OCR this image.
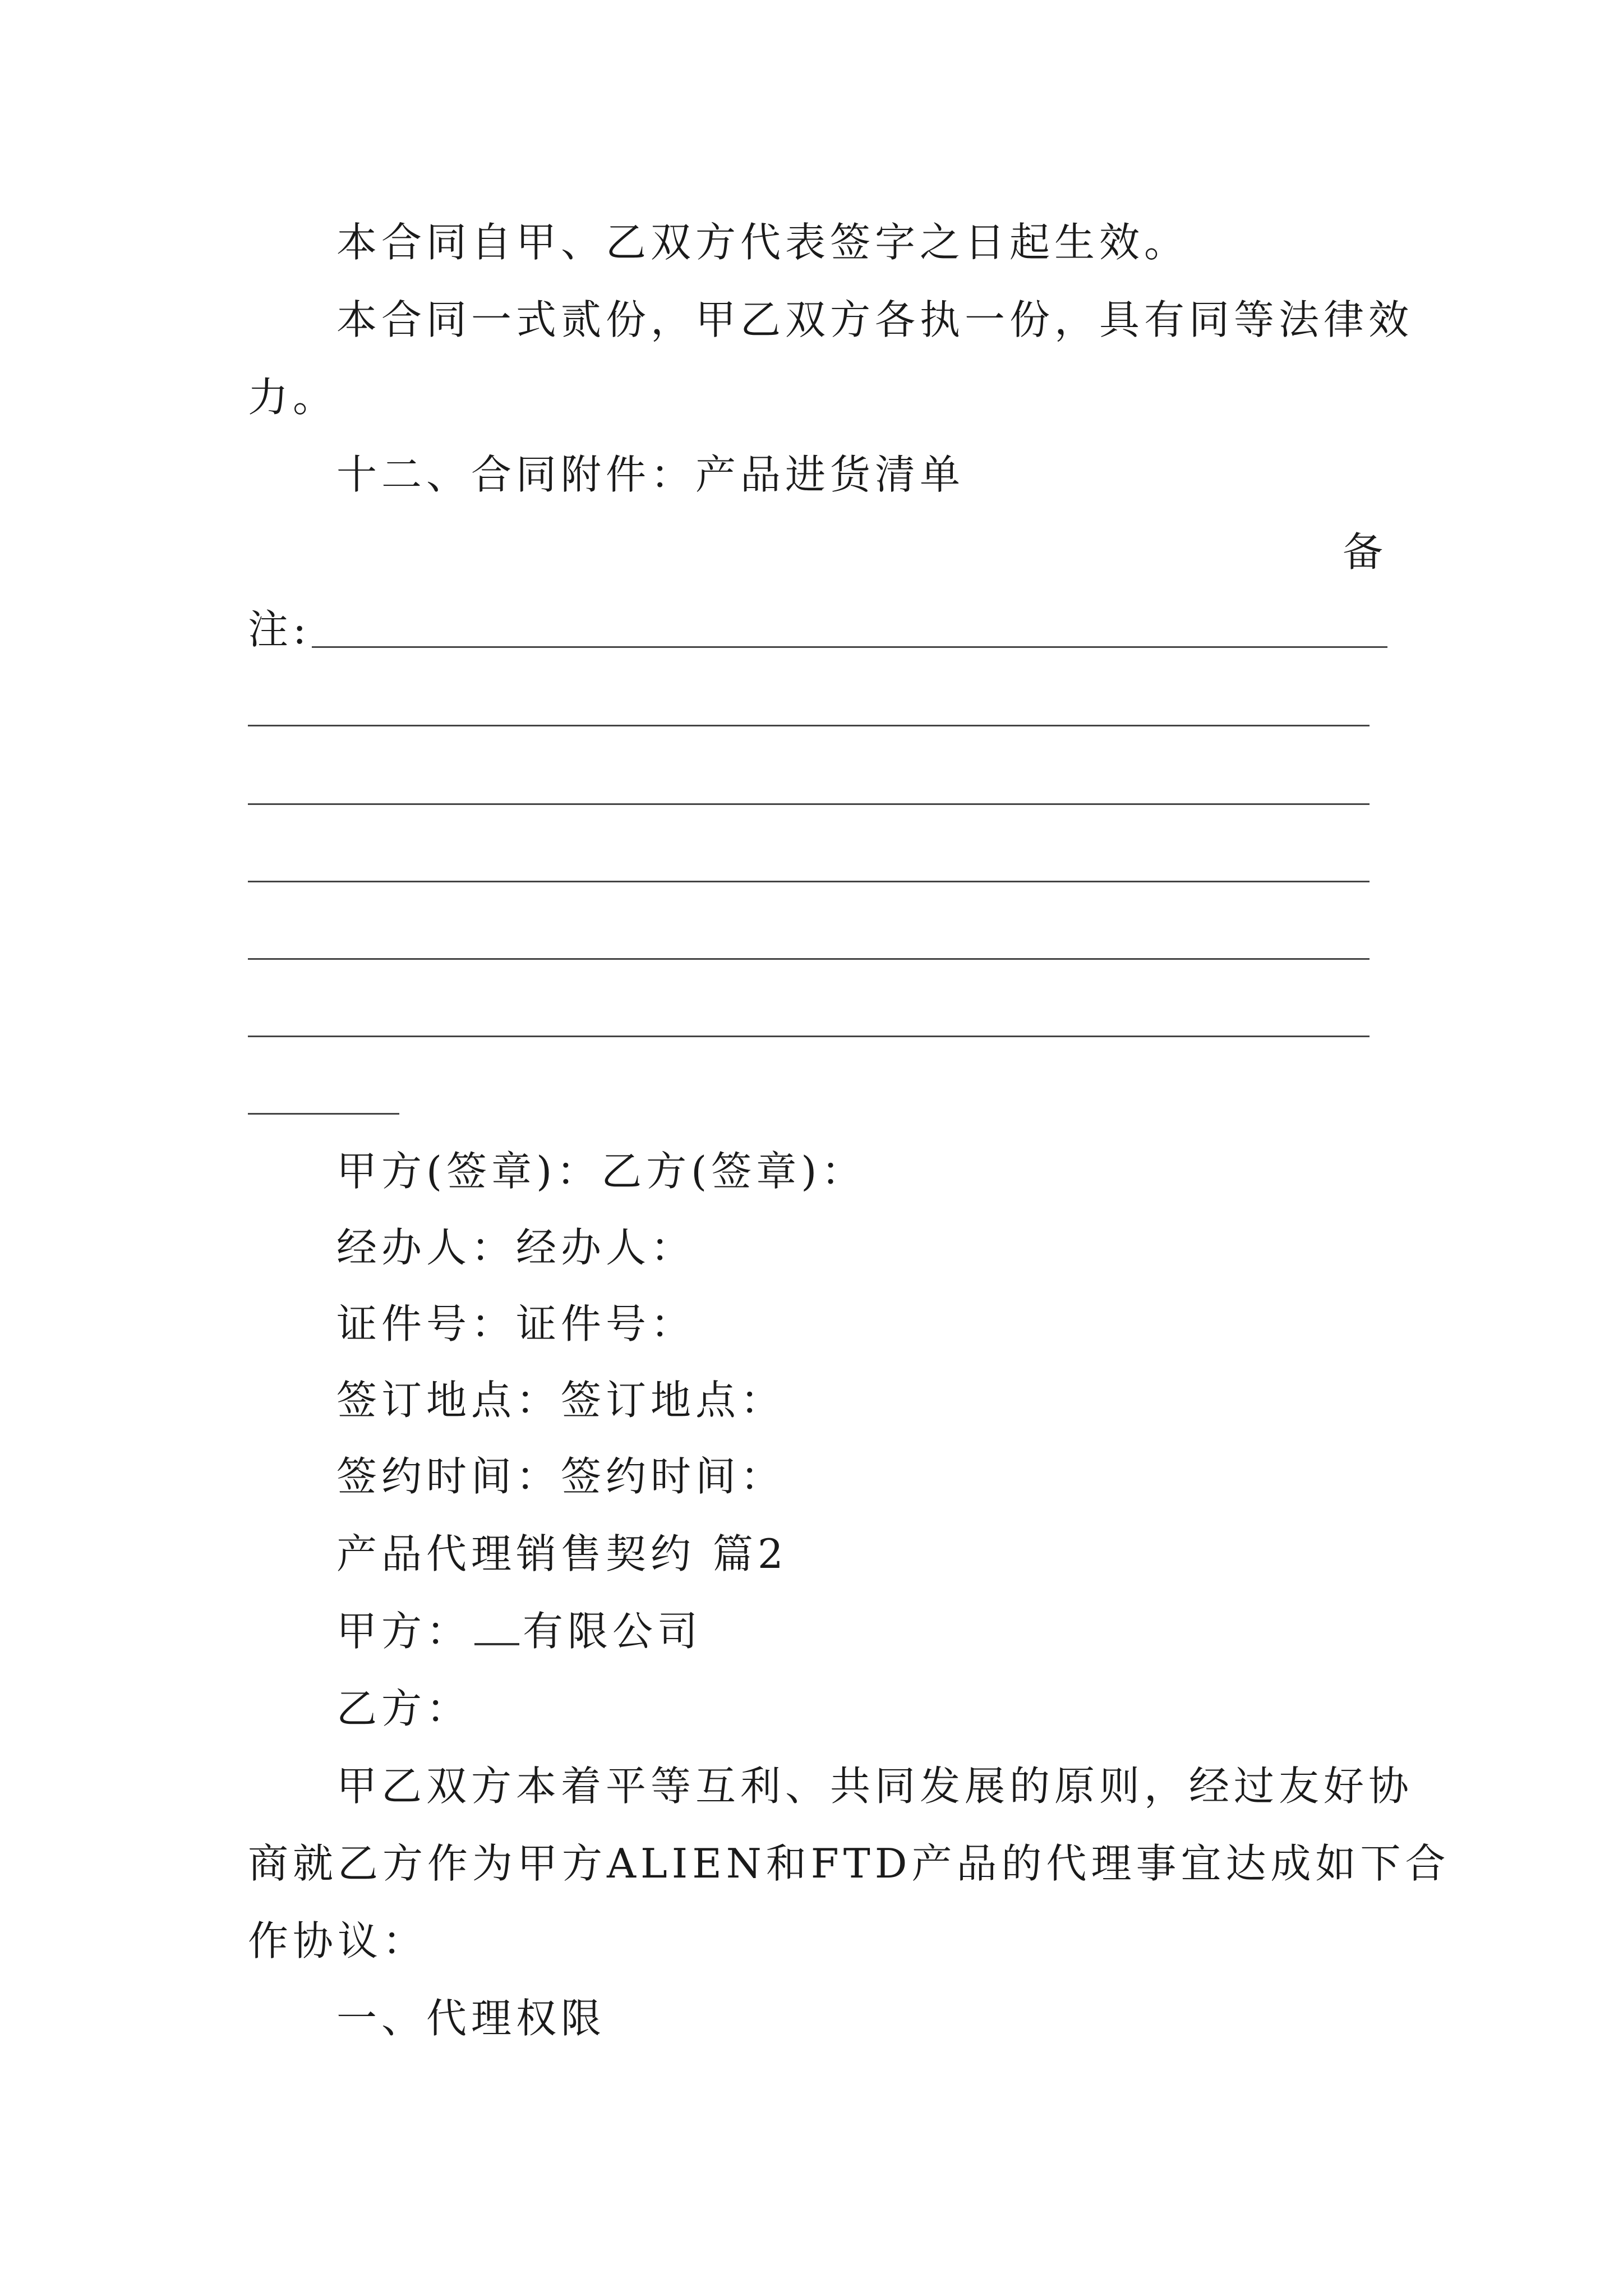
本合同自甲、乙双方代表签字之日起生效。
本合同一式贰份，甲乙双方各执一份，具有同等法律效
力。
十二、合同附件：产品进货清单
备
注:
甲方(签章)：乙方(签章)：
经办人：经办人：
证件号：证件号：
签订地点：签订地点：
签约时间：签约时间：
产品代理销售契约 篇2
甲方： 有限公司
乙方：
甲乙双方本着平等互利、共同发展的原则，经过友好协
商就乙方作为甲方ALIEN和FTD产品的代理事宜达成如下合
作协议：
一、代理权限
